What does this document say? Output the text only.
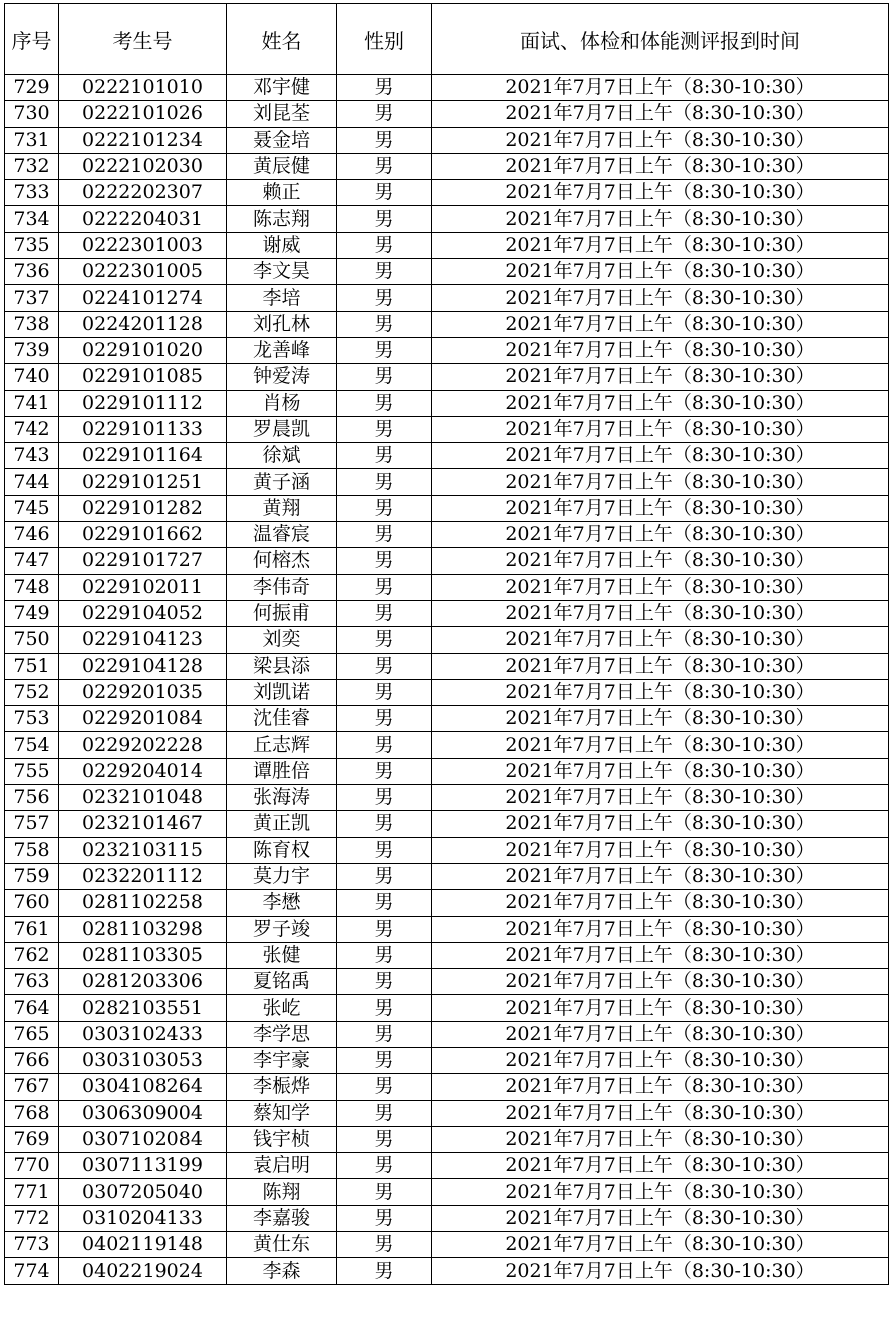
序号	考生号	姓名	性别	面试、体检和体能测评报到时间
729	0222101010	邓宇健	男	2021年7月7日上午（8:30-10:30）
730	0222101026	刘昆荃	男	2021年7月7日上午（8:30-10:30）
731	0222101234	聂金培	男	2021年7月7日上午（8:30-10:30）
732	0222102030	黄辰健	男	2021年7月7日上午（8:30-10:30）
733	0222202307	赖正	男	2021年7月7日上午（8:30-10:30）
734	0222204031	陈志翔	男	2021年7月7日上午（8:30-10:30）
735	0222301003	谢威	男	2021年7月7日上午（8:30-10:30）
736	0222301005	李文昊	男	2021年7月7日上午（8:30-10:30）
737	0224101274	李培	男	2021年7月7日上午（8:30-10:30）
738	0224201128	刘孔林	男	2021年7月7日上午（8:30-10:30）
739	0229101020	龙善峰	男	2021年7月7日上午（8:30-10:30）
740	0229101085	钟爱涛	男	2021年7月7日上午（8:30-10:30）
741	0229101112	肖杨	男	2021年7月7日上午（8:30-10:30）
742	0229101133	罗晨凯	男	2021年7月7日上午（8:30-10:30）
743	0229101164	徐斌	男	2021年7月7日上午（8:30-10:30）
744	0229101251	黄子涵	男	2021年7月7日上午（8:30-10:30）
745	0229101282	黄翔	男	2021年7月7日上午（8:30-10:30）
746	0229101662	温睿宸	男	2021年7月7日上午（8:30-10:30）
747	0229101727	何榕杰	男	2021年7月7日上午（8:30-10:30）
748	0229102011	李伟奇	男	2021年7月7日上午（8:30-10:30）
749	0229104052	何振甫	男	2021年7月7日上午（8:30-10:30）
750	0229104123	刘奕	男	2021年7月7日上午（8:30-10:30）
751	0229104128	梁县添	男	2021年7月7日上午（8:30-10:30）
752	0229201035	刘凯诺	男	2021年7月7日上午（8:30-10:30）
753	0229201084	沈佳睿	男	2021年7月7日上午（8:30-10:30）
754	0229202228	丘志辉	男	2021年7月7日上午（8:30-10:30）
755	0229204014	谭胜倍	男	2021年7月7日上午（8:30-10:30）
756	0232101048	张海涛	男	2021年7月7日上午（8:30-10:30）
757	0232101467	黄正凯	男	2021年7月7日上午（8:30-10:30）
758	0232103115	陈育权	男	2021年7月7日上午（8:30-10:30）
759	0232201112	莫力宇	男	2021年7月7日上午（8:30-10:30）
760	0281102258	李懋	男	2021年7月7日上午（8:30-10:30）
761	0281103298	罗子竣	男	2021年7月7日上午（8:30-10:30）
762	0281103305	张健	男	2021年7月7日上午（8:30-10:30）
763	0281203306	夏铭禹	男	2021年7月7日上午（8:30-10:30）
764	0282103551	张屹	男	2021年7月7日上午（8:30-10:30）
765	0303102433	李学思	男	2021年7月7日上午（8:30-10:30）
766	0303103053	李宇豪	男	2021年7月7日上午（8:30-10:30）
767	0304108264	李桭烨	男	2021年7月7日上午（8:30-10:30）
768	0306309004	蔡知学	男	2021年7月7日上午（8:30-10:30）
769	0307102084	钱宇桢	男	2021年7月7日上午（8:30-10:30）
770	0307113199	袁启明	男	2021年7月7日上午（8:30-10:30）
771	0307205040	陈翔	男	2021年7月7日上午（8:30-10:30）
772	0310204133	李嘉骏	男	2021年7月7日上午（8:30-10:30）
773	0402119148	黄仕东	男	2021年7月7日上午（8:30-10:30）
774	0402219024	李森	男	2021年7月7日上午（8:30-10:30）
